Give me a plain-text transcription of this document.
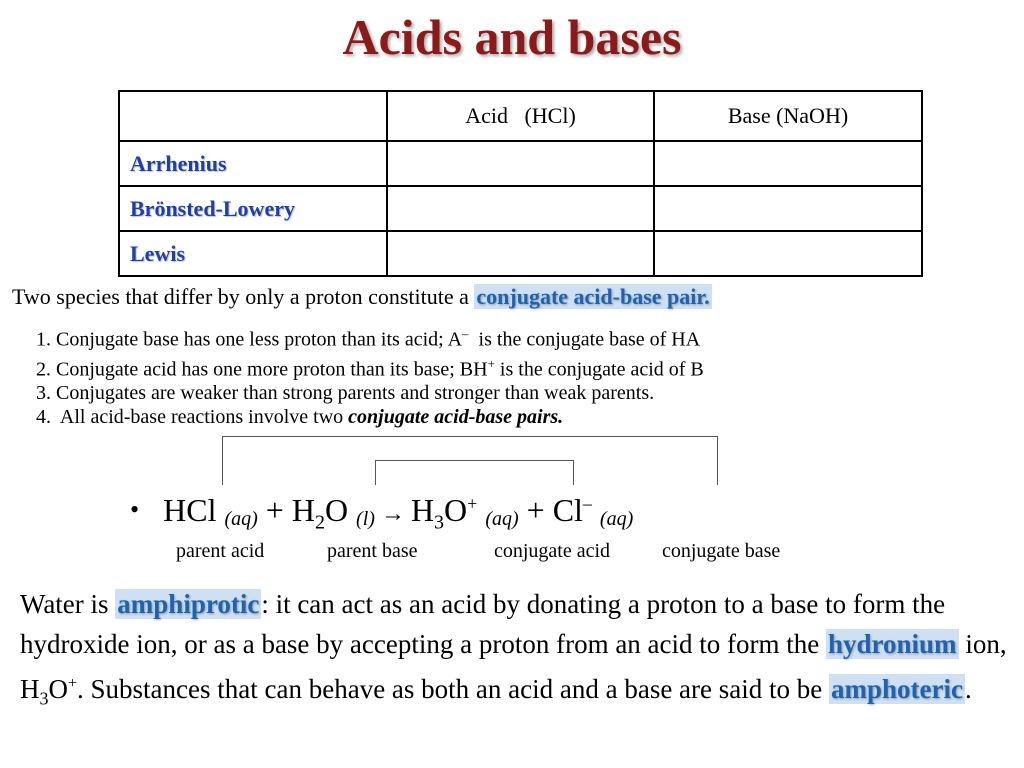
Acids and bases
	Acid   (HCl)	Base (NaOH)
Arrhenius		
Brönsted-Lowery		
Lewis		
Two species that differ by only a proton constitute a conjugate acid-base pair.
1. Conjugate base has one less proton than its acid; A–  is the conjugate base of HA
2. Conjugate acid has one more proton than its base; BH+ is the conjugate acid of B
3. Conjugates are weaker than strong parents and stronger than weak parents.
4.  All acid-base reactions involve two conjugate acid-base pairs.
• HCl $(aq) + H_2O$ $(l) \to H_3O^+$ (aq) + Cl– (aq)
parent acid	parent base	conjugate acid	conjugate base
Water is amphiprotic: it can act as an acid by donating a proton to a base to form the hydroxide ion, or as a base by accepting a proton from an acid to form the hydronium ion, $H_3O^+$. Substances that can behave as both an acid and a base are said to be amphoteric.
